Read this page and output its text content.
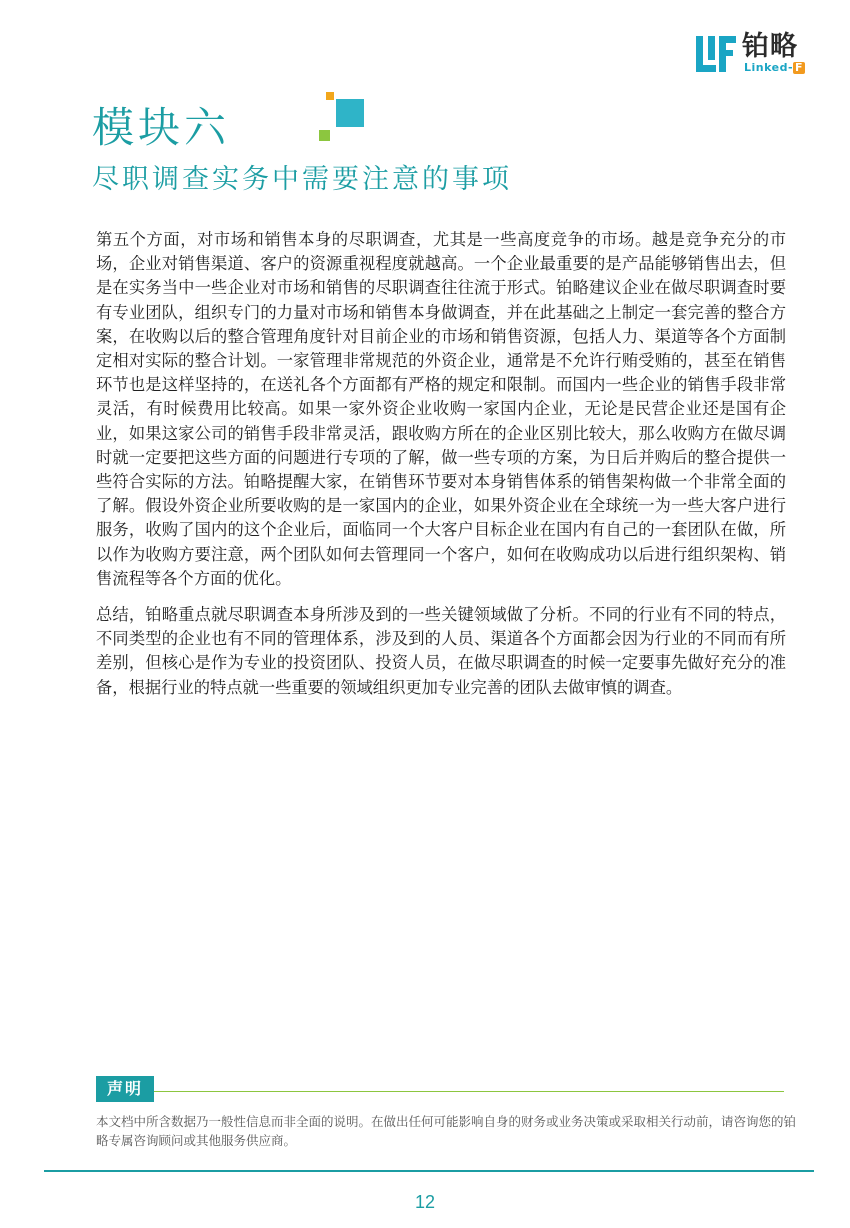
铂略
Linked- F
模块六
尽职调查实务中需要注意的事项

第五个方面，对市场和销售本身的尽职调查，尤其是一些高度竞争的市场。越是竞争充分的市场，企业对销售渠道、客户的资源重视程度就越高。一个企业最重要的是产品能够销售出去，但是在实务当中一些企业对市场和销售的尽职调查往往流于形式。铂略建议企业在做尽职调查时要有专业团队，组织专门的力量对市场和销售本身做调查，并在此基础之上制定一套完善的整合方案，在收购以后的整合管理角度针对目前企业的市场和销售资源，包括人力、渠道等各个方面制定相对实际的整合计划。一家管理非常规范的外资企业，通常是不允许行贿受贿的，甚至在销售环节也是这样坚持的，在送礼各个方面都有严格的规定和限制。而国内一些企业的销售手段非常灵活，有时候费用比较高。如果一家外资企业收购一家国内企业，无论是民营企业还是国有企业，如果这家公司的销售手段非常灵活，跟收购方所在的企业区别比较大，那么收购方在做尽调时就一定要把这些方面的问题进行专项的了解，做一些专项的方案，为日后并购后的整合提供一些符合实际的方法。铂略提醒大家，在销售环节要对本身销售体系的销售架构做一个非常全面的了解。假设外资企业所要收购的是一家国内的企业，如果外资企业在全球统一为一些大客户进行服务，收购了国内的这个企业后，面临同一个大客户目标企业在国内有自己的一套团队在做，所以作为收购方要注意，两个团队如何去管理同一个客户，如何在收购成功以后进行组织架构、销售流程等各个方面的优化。

总结，铂略重点就尽职调查本身所涉及到的一些关键领域做了分析。不同的行业有不同的特点，不同类型的企业也有不同的管理体系，涉及到的人员、渠道各个方面都会因为行业的不同而有所差别，但核心是作为专业的投资团队、投资人员，在做尽职调查的时候一定要事先做好充分的准备，根据行业的特点就一些重要的领域组织更加专业完善的团队去做审慎的调查。

声明
本文档中所含数据乃一般性信息而非全面的说明。在做出任何可能影响自身的财务或业务决策或采取相关行动前，请咨询您的铂略专属咨询顾问或其他服务供应商。
12
